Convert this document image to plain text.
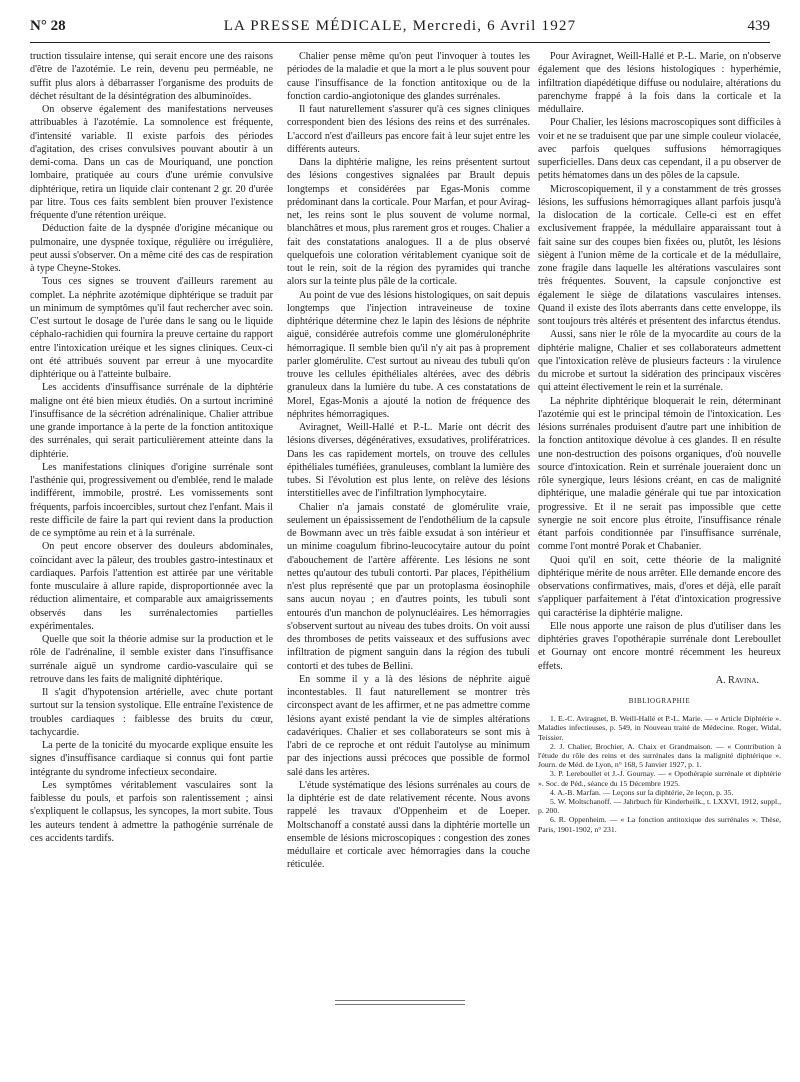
N° 28	LA PRESSE MÉDICALE, Mercredi, 6 Avril 1927	439

truction tissulaire intense, qui serait encore une des raisons d'être de l'azotémie. Le rein, devenu peu perméable, ne suffit plus alors à débarrasser l'organisme des produits de déchet résultant de la désintégration des albuminoïdes.

On observe également des manifestations nerveuses attribuables à l'azotémie. La somnolence est fréquente, d'intensité variable. Il existe parfois des périodes d'agitation, des crises convulsives pouvant aboutir à un demi-coma. Dans un cas de Mouriquand, une ponction lombaire, pratiquée au cours d'une urémie convulsive diphtérique, retira un liquide clair contenant 2 gr. 20 d'urée par litre. Tous ces faits semblent bien prouver l'existence fréquente d'une rétention uréique.

Déduction faite de la dyspnée d'origine mécanique ou pulmonaire, une dyspnée toxique, régulière ou irrégulière, peut aussi s'observer. On a même cité des cas de respiration à type Cheyne-Stokes.

Tous ces signes se trouvent d'ailleurs rarement au complet. La néphrite azotémique diphtérique se traduit par un minimum de symptômes qu'il faut rechercher avec soin. C'est surtout le dosage de l'urée dans le sang ou le liquide céphalo-rachidien qui fournira la preuve certaine du rapport entre l'intoxication uréique et les signes cliniques. Ceux-ci ont été attribués souvent par erreur à une myocardite diphtérique ou à l'atteinte bulbaire.

Les accidents d'insuffisance surrénale de la diphtérie maligne ont été bien mieux étudiés. On a surtout incriminé l'insuffisance de la sécrétion adrénalinique. Chalier attribue une grande importance à la perte de la fonction antitoxique des surrénales, qui serait particulièrement atteinte dans la diphtérie.

Les manifestations cliniques d'origine surrénale sont l'asthénie qui, progressivement ou d'emblée, rend le malade indifférent, immobile, prostré. Les vomissements sont fréquents, parfois incoercibles, surtout chez l'enfant. Mais il reste difficile de faire la part qui revient dans la production de ce symptôme au rein et à la surrénale.

On peut encore observer des douleurs abdominales, coïncidant avec la pâleur, des troubles gastro-intestinaux et cardiaques. Parfois l'attention est attirée par une véritable fonte musculaire à allure rapide, disproportionnée avec la réduction alimentaire, et comparable aux amaigrissements observés dans les surrénalectomies partielles expérimentales.

Quelle que soit la théorie admise sur la production et le rôle de l'adrénaline, il semble exister dans l'insuffisance surrénale aiguë un syndrome cardio-vasculaire qui se retrouve dans les faits de malignité diphtérique.

Il s'agit d'hypotension artérielle, avec chute portant surtout sur la tension systolique. Elle entraîne l'existence de troubles cardiaques : faiblesse des bruits du cœur, tachycardie.

La perte de la tonicité du myocarde explique ensuite les signes d'insuffisance cardiaque si connus qui font partie intégrante du syndrome infectieux secondaire.

Les symptômes véritablement vasculaires sont la faiblesse du pouls, et parfois son ralentissement ; ainsi s'expliquent le collapsus, les syncopes, la mort subite. Tous les auteurs tendent à admettre la pathogénie surrénale de ces accidents tardifs.

Chalier pense même qu'on peut l'invoquer à toutes les périodes de la maladie et que la mort a le plus souvent pour cause l'insuffisance de la fonction antitoxique ou de la fonction cardio-angiotonique des glandes surrénales.

Il faut naturellement s'assurer qu'à ces signes cliniques correspondent bien des lésions des reins et des surrénales. L'accord n'est d'ailleurs pas encore fait à leur sujet entre les différents auteurs.

Dans la diphtérie maligne, les reins présentent surtout des lésions congestives signalées par Brault depuis longtemps et considérées par Egas-Monis comme prédominant dans la corticale. Pour Marfan, et pour Aviragnet, les reins sont le plus souvent de volume normal, blanchâtres et mous, plus rarement gros et rouges. Chalier a fait des constatations analogues. Il a de plus observé quelquefois une coloration véritablement cyanique soit de tout le rein, soit de la région des pyramides qui tranche alors sur la teinte plus pâle de la corticale.

Au point de vue des lésions histologiques, on sait depuis longtemps que l'injection intraveineuse de toxine diphtérique détermine chez le lapin des lésions de néphrite aiguë, considérée autrefois comme une glomérulonéphrite hémorragique. Il semble bien qu'il n'y ait pas à proprement parler glomérulite. C'est surtout au niveau des tubuli qu'on trouve les cellules épithéliales altérées, avec des débris granuleux dans la lumière du tube. A ces constatations de Morel, Egas-Monis a ajouté la notion de fréquence des néphrites hémorragiques.

Aviragnet, Weill-Hallé et P.-L. Marie ont décrit des lésions diverses, dégénératives, exsudatives, prolifératrices. Dans les cas rapidement mortels, on trouve des cellules épithéliales tuméfiées, granuleuses, comblant la lumière des tubes. Si l'évolution est plus lente, on relève des lésions interstitielles avec de l'infiltration lymphocytaire.

Chalier n'a jamais constaté de glomérulite vraie, seulement un épaississement de l'endothélium de la capsule de Bowmann avec un très faible exsudat à son intérieur et un minime coagulum fibrino-leucocytaire autour du point d'abouchement de l'artère afférente. Les lésions ne sont nettes qu'autour des tubuli contorti. Par places, l'épithélium n'est plus représenté que par un protoplasma éosinophile sans aucun noyau ; en d'autres points, les tubuli sont entourés d'un manchon de polynucléaires. Les hémorragies s'observent surtout au niveau des tubes droits. On voit aussi des thromboses de petits vaisseaux et des suffusions avec infiltration de pigment sanguin dans la région des tubuli contorti et des tubes de Bellini.

En somme il y a là des lésions de néphrite aiguë incontestables. Il faut naturellement se montrer très circonspect avant de les affirmer, et ne pas admettre comme lésions ayant existé pendant la vie de simples altérations cadavériques. Chalier et ses collaborateurs se sont mis à l'abri de ce reproche et ont réduit l'autolyse au minimum par des injections aussi précoces que possible de formol salé dans les artères.

L'étude systématique des lésions surrénales au cours de la diphtérie est de date relativement récente. Nous avons rappelé les travaux d'Oppenheim et de Loeper. Moltschanoff a constaté aussi dans la diphtérie mortelle un ensemble de lésions microscopiques : congestion des zones médullaire et corticale avec hémorragies dans la couche réticulée.

Pour Aviragnet, Weill-Hallé et P.-L. Marie, on n'observe également que des lésions histologiques : hyperhémie, infiltration diapédétique diffuse ou nodulaire, altérations du parenchyme frappé à la fois dans la corticale et la médullaire.

Pour Chalier, les lésions macroscopiques sont difficiles à voir et ne se traduisent que par une simple couleur violacée, avec parfois quelques suffusions hémorragiques superficielles. Dans deux cas cependant, il a pu observer de petits hématomes dans un des pôles de la capsule.

Microscopiquement, il y a constamment de très grosses lésions, les suffusions hémorragiques allant parfois jusqu'à la dislocation de la corticale. Celle-ci est en effet exclusivement frappée, la médullaire apparaissant tout à fait saine sur des coupes bien fixées ou, plutôt, les lésions siègent à l'union même de la corticale et de la médullaire, zone fragile dans laquelle les altérations vasculaires sont très fréquentes. Souvent, la capsule conjonctive est également le siège de dilatations vasculaires intenses. Quand il existe des îlots aberrants dans cette enveloppe, ils sont toujours très altérés et présentent des infarctus étendus.

Aussi, sans nier le rôle de la myocardite au cours de la diphtérie maligne, Chalier et ses collaborateurs admettent que l'intoxication relève de plusieurs facteurs : la virulence du microbe et surtout la sidération des principaux viscères qui atteint électivement le rein et la surrénale.

La néphrite diphtérique bloquerait le rein, déterminant l'azotémie qui est le principal témoin de l'intoxication. Les lésions surrénales produisent d'autre part une inhibition de la fonction antitoxique dévolue à ces glandes. Il en résulte une non-destruction des poisons organiques, d'où nouvelle source d'intoxication. Rein et surrénale joueraient donc un rôle synergique, leurs lésions créant, en cas de malignité diphtérique, une maladie générale qui tue par intoxication progressive. Et il ne serait pas impossible que cette synergie ne soit encore plus étroite, l'insuffisance rénale étant parfois conditionnée par l'insuffisance surrénale, comme l'ont montré Porak et Chabanier.

Quoi qu'il en soit, cette théorie de la malignité diphtérique mérite de nous arrêter. Elle demande encore des observations confirmatives, mais, d'ores et déjà, elle paraît s'appliquer parfaitement à l'état d'intoxication progressive qui caractérise la diphtérie maligne.

Elle nous apporte une raison de plus d'utiliser dans les diphtéries graves l'opothérapie surrénale dont Lereboullet et Gournay ont encore montré récemment les heureux effets.

A. Ravina.

BIBLIOGRAPHIE

1. E.-C. Aviragnet, B. Weill-Hallé et P.-L. Marie. — « Article Diphtérie ». Maladies infectieuses, p. 549, in Nouveau traité de Médecine. Roger, Widal, Teissier.

2. J. Chalier, Brochier, A. Chaix et Grandmaison. — « Contribution à l'étude du rôle des reins et des surrénales dans la malignité diphtérique ». Journ. de Méd. de Lyon, n° 168, 5 Janvier 1927, p. 1.

3. P. Lereboullet et J.-J. Gournay. — « Opothérapie surrénale et diphtérie ». Soc. de Péd., séance du 15 Décembre 1925.

4. A.-B. Marfan. — Leçons sur la diphtérie, 2e leçon, p. 35.

5. W. Moltschanoff. — Jahrbuch für Kinderheilk., t. LXXVI, 1912, suppl., p. 200.

6. R. Oppenheim. — « La fonction antitoxique des surrénales ». Thèse, Paris, 1901-1902, n° 231.
